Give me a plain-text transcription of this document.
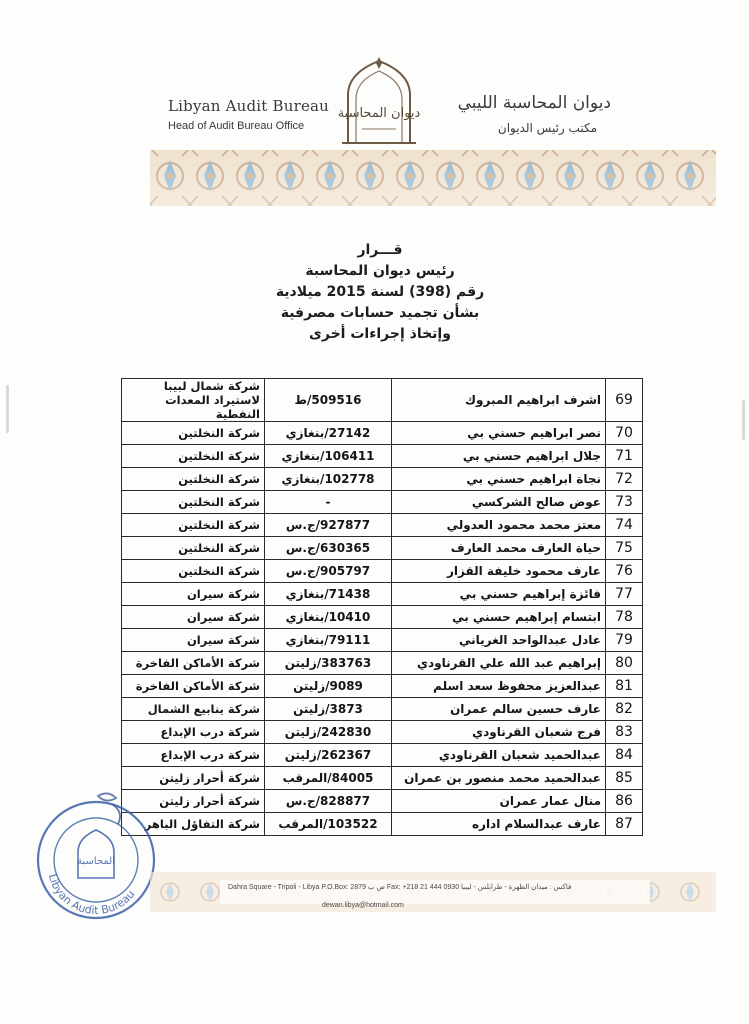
Libyan Audit Bureau
Head of Audit Bureau Office
ديوان المحاسبة الليبي
مكتب رئيس الديوان
ديوان المحاسبة
قـــرار
رئيس ديوان المحاسبة
رقم (398) لسنة 2015 ميلادية
بشأن تجميد حسابات مصرفية
وإتخاذ إجراءات أخرى
69	اشرف ابراهيم المبروك	509516/ط	شركة شمال لبيبا لاستيراد المعدات النفطية
70	نصر ابراهيم حسني بي	27142/بنغازي	شركة النخلتين
71	جلال ابراهيم حسني بي	106411/بنغازي	شركة النخلتين
72	نجاة ابراهيم حسني بي	102778/بنغازي	شركة النخلتين
73	عوض صالح الشركسي	-	شركة النخلتين
74	معتز محمد محمود العدولي	927877/ج.س	شركة النخلتين
75	حياة العارف محمد العارف	630365/ج.س	شركة النخلتين
76	عارف محمود خليفة القزار	905797/ج.س	شركة النخلتين
77	فائزة إبراهيم حسني بي	71438/بنغازي	شركة سيران
78	ابتسام إبراهيم حسني بي	10410/بنغازي	شركة سيران
79	عادل عبدالواحد الغرياني	79111/بنغازي	شركة سيران
80	إبراهيم عبد الله علي القرناودي	383763/زليتن	شركة الأماكن الفاخرة
81	عبدالعزيز محفوظ سعد اسلم	9089/زليتن	شركة الأماكن الفاخرة
82	عارف حسين سالم عمران	3873/زليتن	شركة ينابيع الشمال
83	فرج شعبان القرناودي	242830/زليتن	شركة درب الإبداع
84	عبدالحميد شعبان القرناودي	262367/زليتن	شركة درب الإبداع
85	عبدالحميد محمد منصور بن عمران	84005/المرقب	شركة أحرار زليتن
86	منال عمار عمران	828877/ج.س	شركة أحرار زليتن
87	عارف عبدالسلام اداره	103522/المرقب	شركة التفاؤل الباهر
المحاسبة
Libyan Audit Bureau
Dahra Square - Tripoli - Libya P.O.Box: 2879 ص ب Fax: +218 21 444 0930 فاكس : ميدان الظهرة - طرابلس - ليبيا
dewan.libya@hotmail.com
